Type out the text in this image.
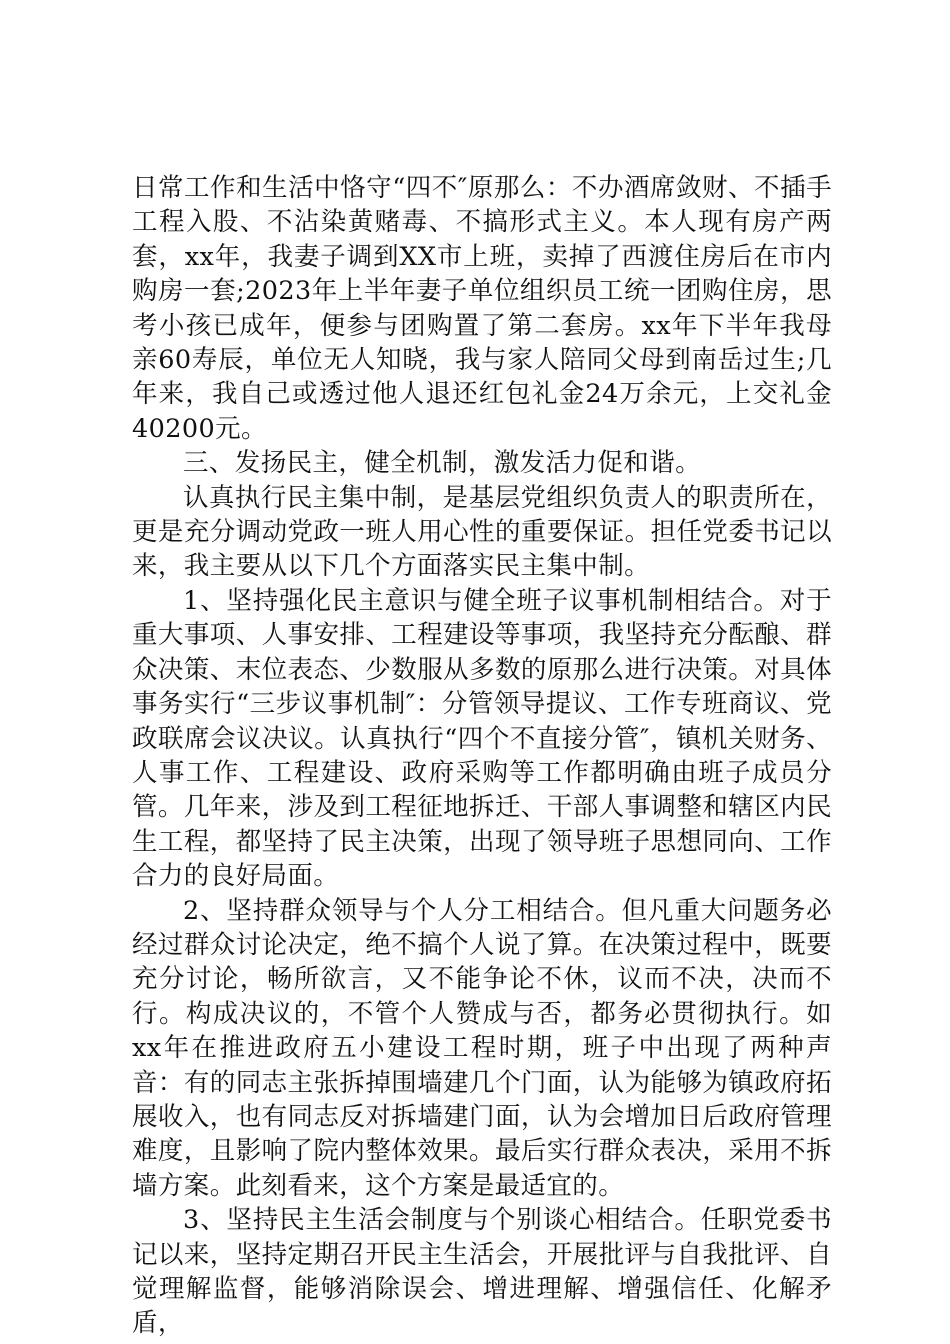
日常工作和生活中恪守“四不″原那么：不办酒席敛财、不插手工程入股、不沾染黄赌毒、不搞形式主义。本人现有房产两套，xx年，我妻子调到XX市上班，卖掉了西渡住房后在市内购房一套;2023年上半年妻子单位组织员工统一团购住房，思考小孩已成年，便参与团购置了第二套房。xx年下半年我母亲60寿辰，单位无人知晓，我与家人陪同父母到南岳过生;几年来，我自己或透过他人退还红包礼金24万余元，上交礼金40200元。

三、发扬民主，健全机制，激发活力促和谐。

认真执行民主集中制，是基层党组织负责人的职责所在，更是充分调动党政一班人用心性的重要保证。担任党委书记以来，我主要从以下几个方面落实民主集中制。

1、坚持强化民主意识与健全班子议事机制相结合。对于重大事项、人事安排、工程建设等事项，我坚持充分酝酿、群众决策、末位表态、少数服从多数的原那么进行决策。对具体事务实行“三步议事机制″：分管领导提议、工作专班商议、党政联席会议决议。认真执行“四个不直接分管″，镇机关财务、人事工作、工程建设、政府采购等工作都明确由班子成员分管。几年来，涉及到工程征地拆迁、干部人事调整和辖区内民生工程，都坚持了民主决策，出现了领导班子思想同向、工作合力的良好局面。

2、坚持群众领导与个人分工相结合。但凡重大问题务必经过群众讨论决定，绝不搞个人说了算。在决策过程中，既要充分讨论，畅所欲言，又不能争论不休，议而不决，决而不行。构成决议的，不管个人赞成与否，都务必贯彻执行。如xx年在推进政府五小建设工程时期，班子中出现了两种声音：有的同志主张拆掉围墙建几个门面，认为能够为镇政府拓展收入，也有同志反对拆墙建门面，认为会增加日后政府管理难度，且影响了院内整体效果。最后实行群众表决，采用不拆墙方案。此刻看来，这个方案是最适宜的。

3、坚持民主生活会制度与个别谈心相结合。任职党委书记以来，坚持定期召开民主生活会，开展批评与自我批评、自觉理解监督，能够消除误会、增进理解、增强信任、化解矛盾，
